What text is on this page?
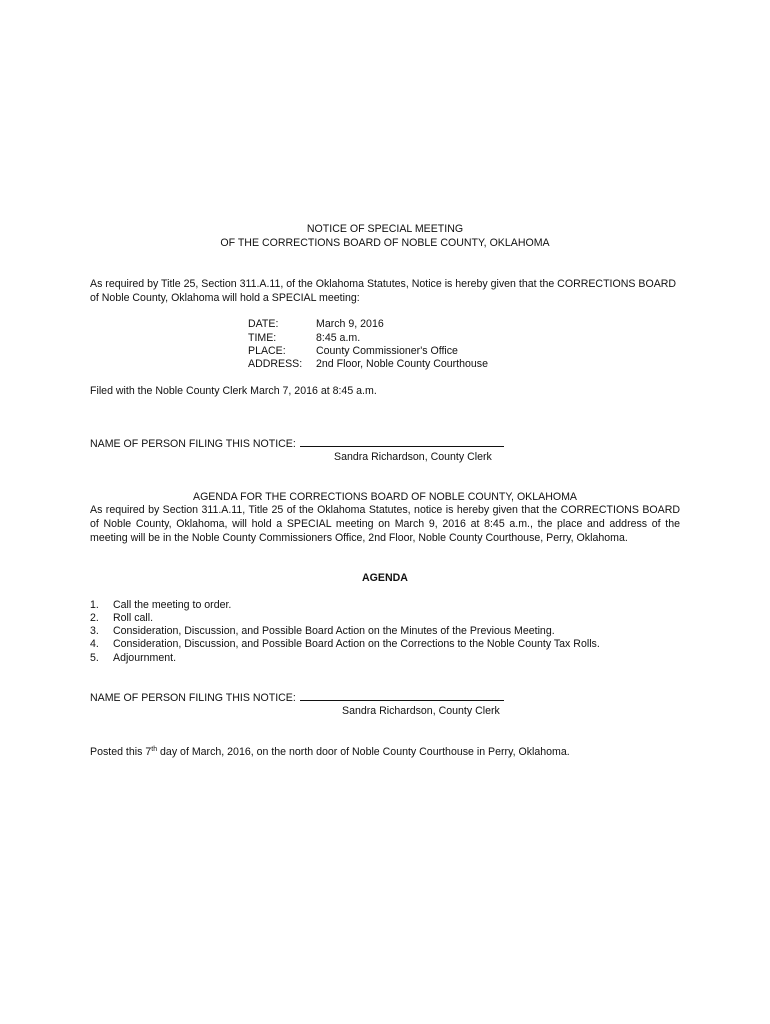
NOTICE OF SPECIAL MEETING
OF THE CORRECTIONS BOARD OF NOBLE COUNTY, OKLAHOMA
As required by Title 25, Section 311.A.11, of the Oklahoma Statutes, Notice is hereby given that the CORRECTIONS BOARD of Noble County, Oklahoma will hold a SPECIAL meeting:
DATE:	March 9, 2016
TIME:	8:45 a.m.
PLACE:	County Commissioner's Office
ADDRESS: 2nd Floor, Noble County Courthouse
Filed with the Noble County Clerk March 7, 2016 at 8:45 a.m.
NAME OF PERSON FILING THIS NOTICE:
Sandra Richardson, County Clerk
AGENDA FOR THE CORRECTIONS BOARD OF NOBLE COUNTY, OKLAHOMA
As required by Section 311.A.11, Title 25 of the Oklahoma Statutes, notice is hereby given that the CORRECTIONS BOARD of Noble County, Oklahoma, will hold a SPECIAL meeting on March 9, 2016 at 8:45 a.m., the place and address of the meeting will be in the Noble County Commissioners Office, 2nd Floor, Noble County Courthouse, Perry, Oklahoma.
AGENDA
1. Call the meeting to order.
2. Roll call.
3. Consideration, Discussion, and Possible Board Action on the Minutes of the Previous Meeting.
4. Consideration, Discussion, and Possible Board Action on the Corrections to the Noble County Tax Rolls.
5. Adjournment.
NAME OF PERSON FILING THIS NOTICE:
Sandra Richardson, County Clerk
Posted this 7th day of March, 2016, on the north door of Noble County Courthouse in Perry, Oklahoma.
